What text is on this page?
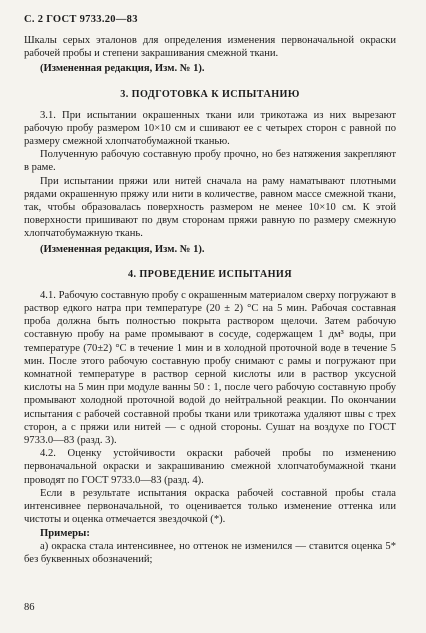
С. 2 ГОСТ 9733.20—83

Шкалы серых эталонов для определения изменения первоначальной окраски рабочей пробы и степени закрашивания смежной ткани.

(Измененная редакция, Изм. № 1).

3. ПОДГОТОВКА К ИСПЫТАНИЮ

3.1. При испытании окрашенных ткани или трикотажа из них вырезают рабочую пробу размером 10×10 см и сшивают ее с четырех сторон с равной по размеру смежной хлопчатобумажной тканью.

Полученную рабочую составную пробу прочно, но без натяжения закрепляют в раме.

При испытании пряжи или нитей сначала на раму наматывают плотными рядами окрашенную пряжу или нити в количестве, равном массе смежной ткани, так, чтобы образовалась поверхность размером не менее 10×10 см. К этой поверхности пришивают по двум сторонам пряжи равную по размеру смежную хлопчатобумажную ткань.

(Измененная редакция, Изм. № 1).

4. ПРОВЕДЕНИЕ ИСПЫТАНИЯ

4.1. Рабочую составную пробу с окрашенным материалом сверху погружают в раствор едкого натра при температуре (20 ± 2) °С на 5 мин. Рабочая составная проба должна быть полностью покрыта раствором щелочи. Затем рабочую составную пробу на раме промывают в сосуде, содержащем 1 дм³ воды, при температуре (70±2) °С в течение 1 мин и в холодной проточной воде в течение 5 мин. После этого рабочую составную пробу снимают с рамы и погружают при комнатной температуре в раствор серной кислоты или в раствор уксусной кислоты на 5 мин при модуле ванны 50 : 1, после чего рабочую составную пробу промывают холодной проточной водой до нейтральной реакции. По окончании испытания с рабочей составной пробы ткани или трикотажа удаляют швы с трех сторон, а с пряжи или нитей — с одной стороны. Сушат на воздухе по ГОСТ 9733.0—83 (разд. 3).

4.2. Оценку устойчивости окраски рабочей пробы по изменению первоначальной окраски и закрашиванию смежной хлопчатобумажной ткани проводят по ГОСТ 9733.0—83 (разд. 4).

Если в результате испытания окраска рабочей составной пробы стала интенсивнее первоначальной, то оценивается только изменение оттенка или чистоты и оценка отмечается звездочкой (*).

Примеры:

а) окраска стала интенсивнее, но оттенок не изменился — ставится оценка 5* без буквенных обозначений;

86
